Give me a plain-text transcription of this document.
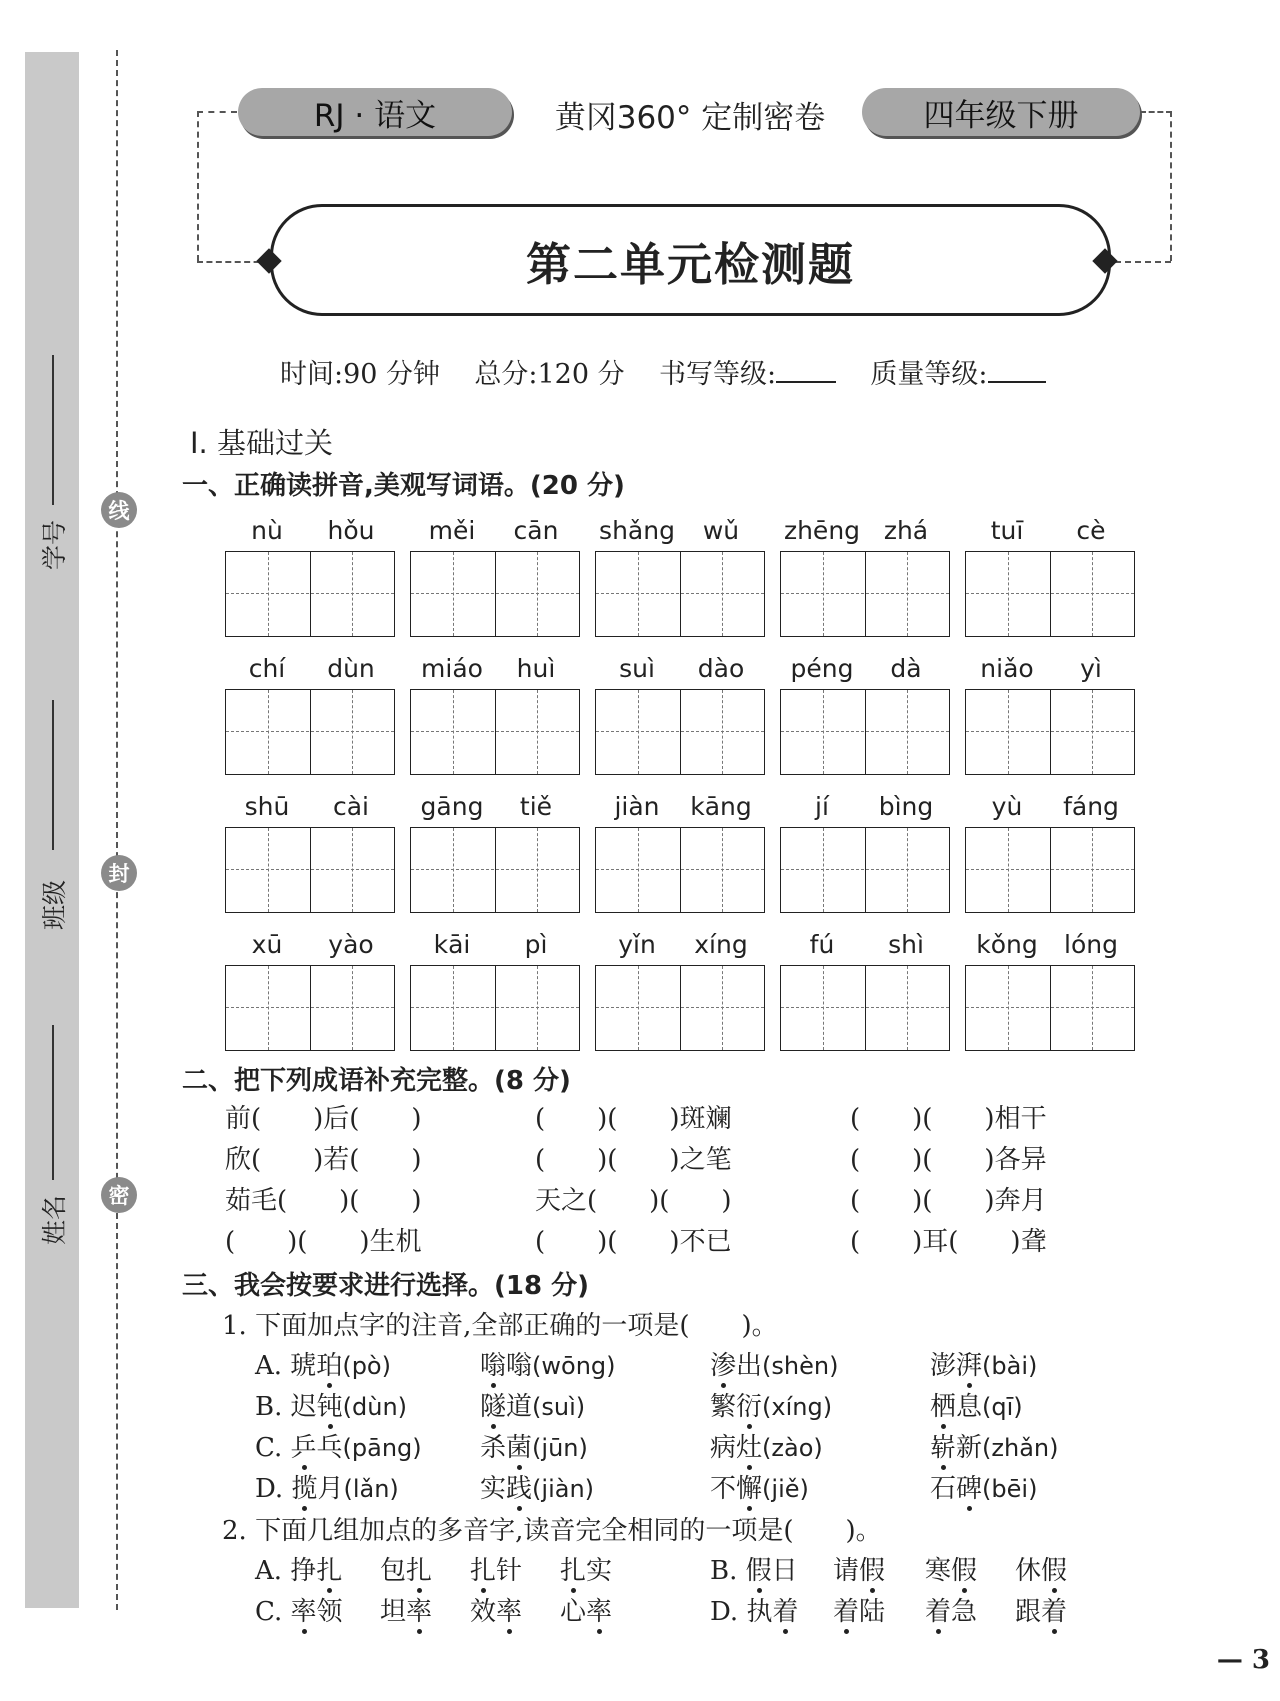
学号
班级
姓名
线
封
密
RJ · 语文	黄冈360° 定制密卷	四年级下册
第二单元检测题
时间:90 分钟 总分:120 分 书写等级:	质量等级:
Ⅰ. 基础过关
一、正确读拼音,美观写词语。(20 分)
nù	hǒu	měi	cān	shǎng	wǔ	zhēng zhá	tuī	cè
chí	dùn	miáo	huì	suì	dào	péng	dà	niǎo	yì
shū	cài	gāng	tiě	jiàn	kāng	jí	bìng	yù	fáng
xū	yào	kāi	pì	yǐn	xíng	fú	shì	kǒng	lóng
二、把下列成语补充完整。(8 分)
前(　　)后(　　)	(　　)(　　)斑斓	(　　)(　　)相干
欣(　　)若(　　)	(　　)(　　)之笔	(　　)(　　)各异
茹毛(　　)(　　)	天之(　　)(　　)	(　　)(　　)奔月
(　　)(　　)生机	(　　)(　　)不已	(　　)耳(　　)聋
三、我会按要求进行选择。(18 分)
1. 下面加点字的注音,全部正确的一项是(　　)。
A. 琥珀(pò)	嗡嗡(wōng)	渗出(shèn)	澎湃(bài)
B. 迟钝(dùn)	隧道(suì)	繁衍(xíng)	栖息(qī)
C. 乒乓(pāng) 杀菌(jūn)	病灶(zào)	崭新(zhǎn)
D. 揽月(lǎn)	实践(jiàn)	不懈(jiě)	石碑(bēi)
2. 下面几组加点的多音字,读音完全相同的一项是(　　)。
A. 挣扎 包扎 扎针 扎实	B. 假日 请假 寒假 休假
C. 率领 坦率 效率 心率	D. 执着 着陆 着急 跟着
— 3
